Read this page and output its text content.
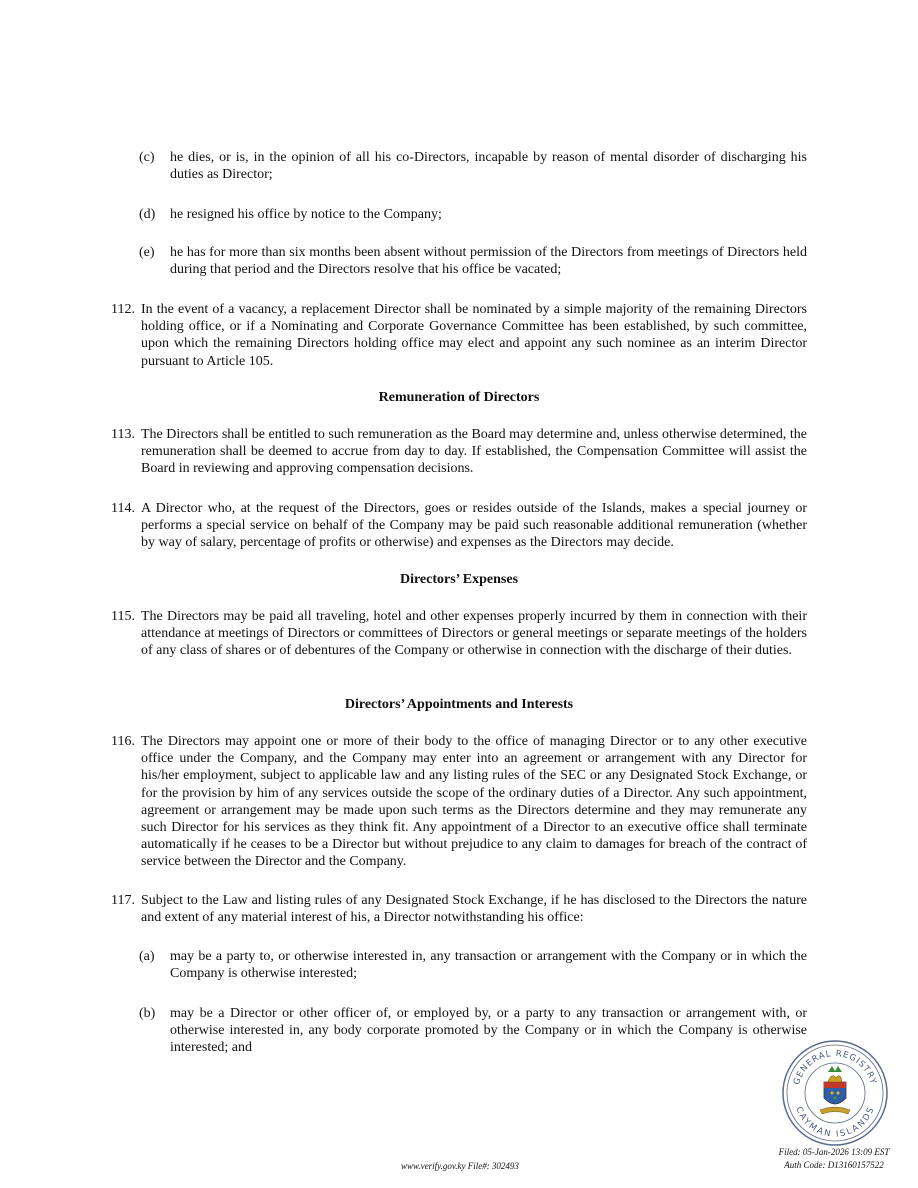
(c) he dies, or is, in the opinion of all his co-Directors, incapable by reason of mental disorder of discharging his duties as Director;
(d) he resigned his office by notice to the Company;
(e) he has for more than six months been absent without permission of the Directors from meetings of Directors held during that period and the Directors resolve that his office be vacated;
112. In the event of a vacancy, a replacement Director shall be nominated by a simple majority of the remaining Directors holding office, or if a Nominating and Corporate Governance Committee has been established, by such committee, upon which the remaining Directors holding office may elect and appoint any such nominee as an interim Director pursuant to Article 105.
Remuneration of Directors
113. The Directors shall be entitled to such remuneration as the Board may determine and, unless otherwise determined, the remuneration shall be deemed to accrue from day to day. If established, the Compensation Committee will assist the Board in reviewing and approving compensation decisions.
114. A Director who, at the request of the Directors, goes or resides outside of the Islands, makes a special journey or performs a special service on behalf of the Company may be paid such reasonable additional remuneration (whether by way of salary, percentage of profits or otherwise) and expenses as the Directors may decide.
Directors’ Expenses
115. The Directors may be paid all traveling, hotel and other expenses properly incurred by them in connection with their attendance at meetings of Directors or committees of Directors or general meetings or separate meetings of the holders of any class of shares or of debentures of the Company or otherwise in connection with the discharge of their duties.
Directors’ Appointments and Interests
116. The Directors may appoint one or more of their body to the office of managing Director or to any other executive office under the Company, and the Company may enter into an agreement or arrangement with any Director for his/her employment, subject to applicable law and any listing rules of the SEC or any Designated Stock Exchange, or for the provision by him of any services outside the scope of the ordinary duties of a Director. Any such appointment, agreement or arrangement may be made upon such terms as the Directors determine and they may remunerate any such Director for his services as they think fit. Any appointment of a Director to an executive office shall terminate automatically if he ceases to be a Director but without prejudice to any claim to damages for breach of the contract of service between the Director and the Company.
117. Subject to the Law and listing rules of any Designated Stock Exchange, if he has disclosed to the Directors the nature and extent of any material interest of his, a Director notwithstanding his office:
(a) may be a party to, or otherwise interested in, any transaction or arrangement with the Company or in which the Company is otherwise interested;
(b) may be a Director or other officer of, or employed by, or a party to any transaction or arrangement with, or otherwise interested in, any body corporate promoted by the Company or in which the Company is otherwise interested; and
GENERAL REGISTRY
CAYMAN ISLANDS
www.verify.gov.ky File#: 302493
Filed: 05-Jan-2026 13:09 EST
Auth Code: D13160157522
